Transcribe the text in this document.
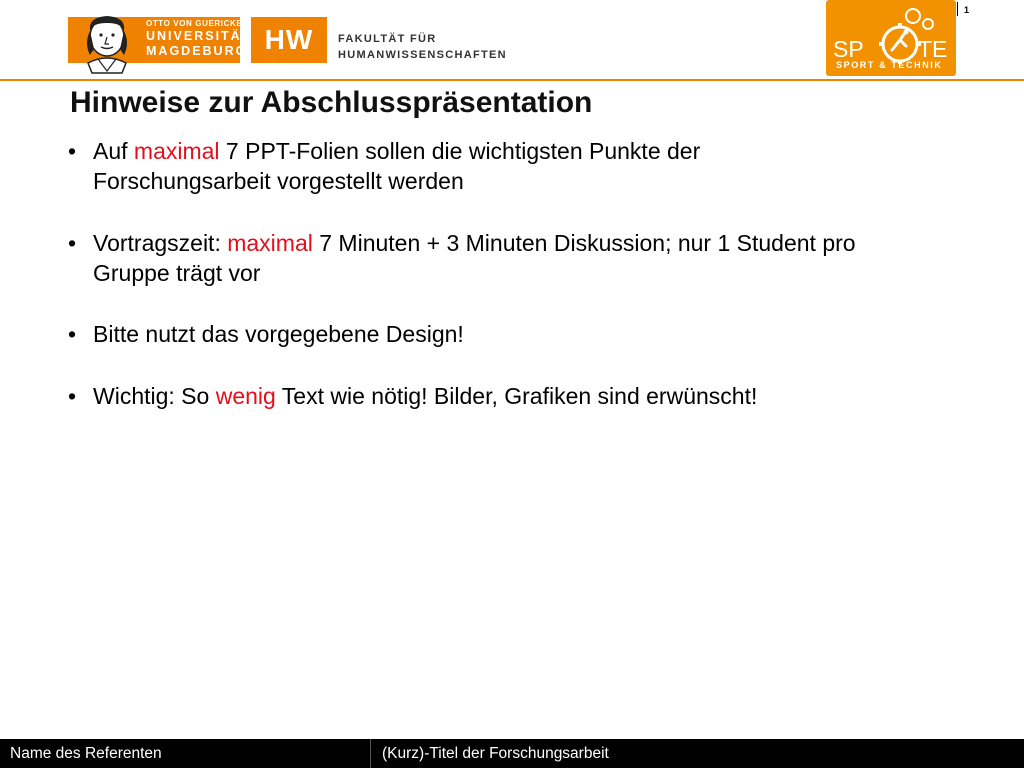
OTTO VON GUERICKE
UNIVERSITÄT
MAGDEBURG HW	FAKULTÄT FÜR
HUMANWISSENSCHAFTEN	SP TE
SPORT & TECHNIK
1
Hinweise zur Abschlusspräsentation
• Auf maximal 7 PPT-Folien sollen die wichtigsten Punkte der
Forschungsarbeit vorgestellt werden
• Vortragszeit: maximal 7 Minuten + 3 Minuten Diskussion; nur 1 Student pro
Gruppe trägt vor
• Bitte nutzt das vorgegebene Design!
• Wichtig: So wenig Text wie nötig! Bilder, Grafiken sind erwünscht!
Name des Referenten	(Kurz)-Titel der Forschungsarbeit
